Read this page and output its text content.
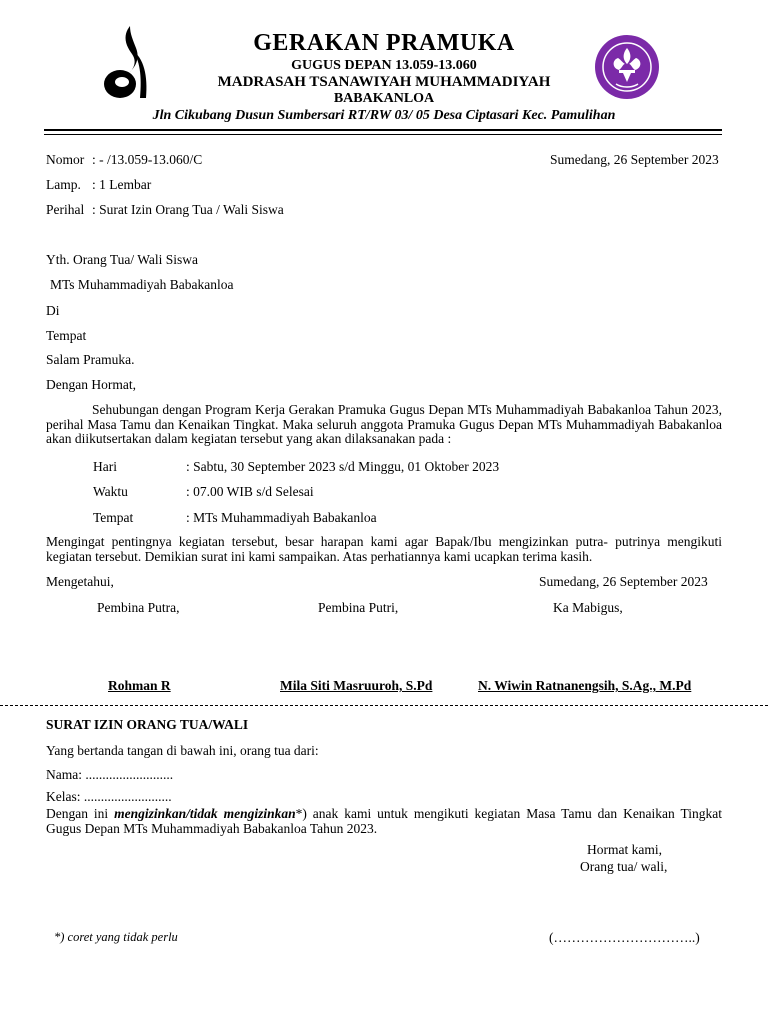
GERAKAN PRAMUKA
GUGUS DEPAN 13.059-13.060
MADRASAH TSANAWIYAH MUHAMMADIYAH
BABAKANLOA
Jln Cikubang Dusun Sumbersari RT/RW 03/ 05 Desa Ciptasari Kec. Pamulihan
Nomor : - /13.059-13.060/C	Sumedang, 26 September 2023
Lamp. : 1 Lembar
Perihal : Surat Izin Orang Tua / Wali Siswa
Yth. Orang Tua/ Wali Siswa
MTs Muhammadiyah Babakanloa
Di
Tempat
Salam Pramuka.
Dengan Hormat,
Sehubungan dengan Program Kerja Gerakan Pramuka Gugus Depan MTs Muhammadiyah Babakanloa Tahun 2023, perihal Masa Tamu dan Kenaikan Tingkat. Maka seluruh anggota Pramuka Gugus Depan MTs Muhammadiyah Babakanloa akan diikutsertakan dalam kegiatan tersebut yang akan dilaksanakan pada :
Hari	: Sabtu, 30 September 2023 s/d Minggu, 01 Oktober 2023
Waktu	: 07.00 WIB s/d Selesai
Tempat	: MTs Muhammadiyah Babakanloa
Mengingat pentingnya kegiatan tersebut, besar harapan kami agar Bapak/Ibu mengizinkan putra- putrinya mengikuti kegiatan tersebut. Demikian surat ini kami sampaikan. Atas perhatiannya kami ucapkan terima kasih.
Mengetahui,	Sumedang, 26 September 2023
Pembina Putra,	Pembina Putri,	Ka Mabigus,
Rohman R	Mila Siti Masruuroh, S.Pd	N. Wiwin Ratnanengsih, S.Ag., M.Pd
SURAT IZIN ORANG TUA/WALI
Yang bertanda tangan di bawah ini, orang tua dari:
Nama: ..........................
Kelas: ..........................
Dengan ini mengizinkan/tidak mengizinkan*) anak kami untuk mengikuti kegiatan Masa Tamu dan Kenaikan Tingkat Gugus Depan MTs Muhammadiyah Babakanloa Tahun 2023.
Hormat kami,
Orang tua/ wali,
*) coret yang tidak perlu	(…………………………..)
